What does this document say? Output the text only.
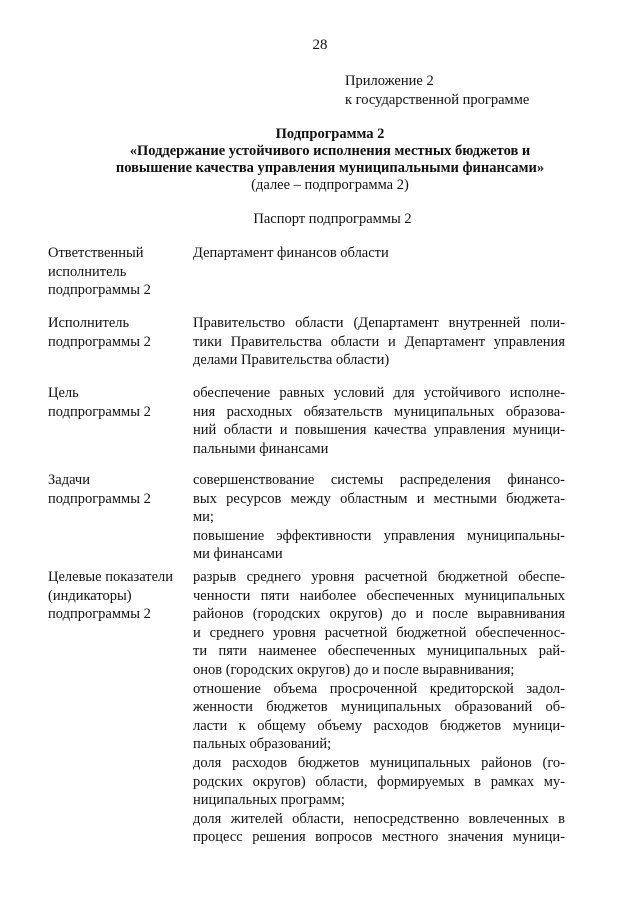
28
Приложение 2
к государственной программе
Подпрограмма 2
«Поддержание устойчивого исполнения местных бюджетов и
повышение качества управления муниципальными финансами»
(далее – подпрограмма 2)
Паспорт подпрограммы 2
Ответственный
исполнитель
подпрограммы 2
Департамент финансов области
Исполнитель
подпрограммы 2
Правительство области (Департамент внутренней поли-
тики Правительства области и Департамент управления
делами Правительства области)
Цель
подпрограммы 2
обеспечение равных условий для устойчивого исполне-
ния расходных обязательств муниципальных образова-
ний области и повышения качества управления муници-
пальными финансами
Задачи
подпрограммы 2
совершенствование системы распределения финансо-
вых ресурсов между областным и местными бюджета-
ми;
повышение эффективности управления муниципальны-
ми финансами
Целевые показатели
(индикаторы)
подпрограммы 2
разрыв среднего уровня расчетной бюджетной обеспе-
ченности пяти наиболее обеспеченных муниципальных
районов (городских округов) до и после выравнивания
и среднего уровня расчетной бюджетной обеспеченнос-
ти пяти наименее обеспеченных муниципальных рай-
онов (городских округов) до и после выравнивания;
отношение объема просроченной кредиторской задол-
женности бюджетов муниципальных образований об-
ласти к общему объему расходов бюджетов муници-
пальных образований;
доля расходов бюджетов муниципальных районов (го-
родских округов) области, формируемых в рамках му-
ниципальных программ;
доля жителей области, непосредственно вовлеченных в
процесс решения вопросов местного значения муници-
